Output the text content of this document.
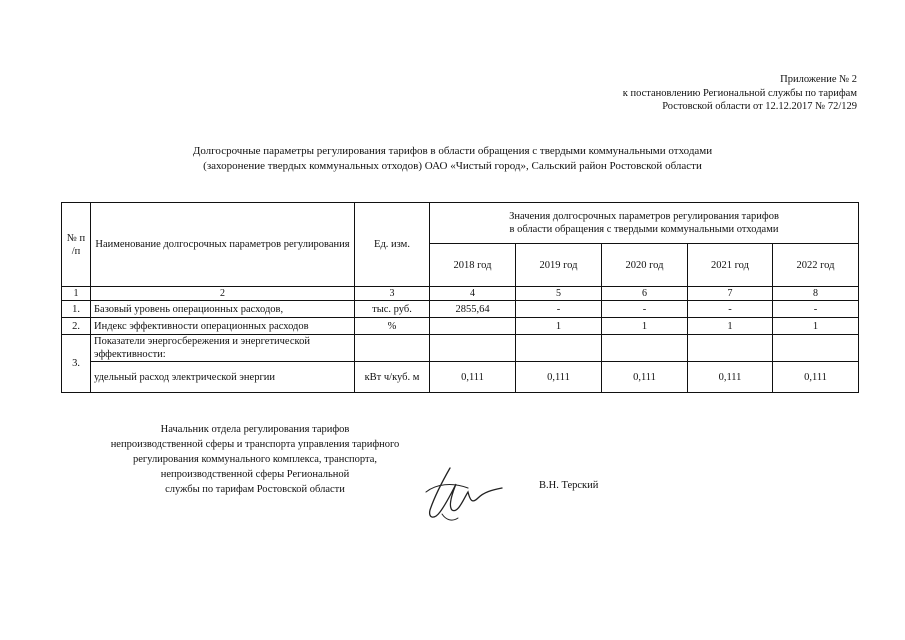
Приложение № 2
к постановлению Региональной службы по тарифам
Ростовской области от 12.12.2017 № 72/129
Долгосрочные параметры регулирования тарифов в области обращения с твердыми коммунальными отходами
(захоронение твердых коммунальных отходов) ОАО «Чистый город», Сальский район Ростовской области
№ п /п	Наименование долгосрочных параметров регулирования	Ед. изм.	Значения долгосрочных параметров регулирования тарифов
в области обращения с твердыми коммунальными отходами				

			2018 год	2019 год	2020 год	2021 год	2022 год
1	2	3	4	5	6	7	8
1.	Базовый уровень операционных расходов,	тыс. руб.	2855,64	-	-	-	-
2.	Индекс эффективности операционных расходов	%		1	1	1	1
3.	Показатели энергосбережения и энергетической эффективности:						
	удельный расход электрической энергии	кВт ч/куб. м	0,111	0,111	0,111	0,111	0,111
Начальник отдела регулирования тарифов
непроизводственной сферы и транспорта управления тарифного
регулирования коммунального комплекса, транспорта,
непроизводственной сферы Региональной
службы по тарифам Ростовской области	В.Н. Терский
